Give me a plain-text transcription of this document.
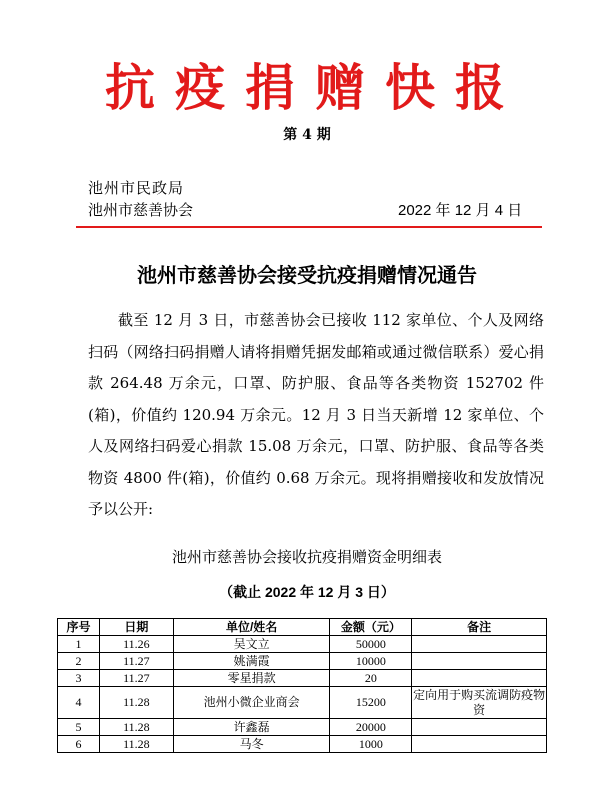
抗疫捐赠快报
第 4 期
池州市民政局
池州市慈善协会	2022 年 12 月 4 日
池州市慈善协会接受抗疫捐赠情况通告

截至 12 月 3 日，市慈善协会已接收 112 家单位、个人及网络扫码（网络扫码捐赠人请将捐赠凭据发邮箱或通过微信联系）爱心捐款 264.48 万余元，口罩、防护服、食品等各类物资 152702 件(箱)，价值约 120.94 万余元。12 月 3 日当天新增 12 家单位、个人及网络扫码爱心捐款 15.08 万余元，口罩、防护服、食品等各类物资 4800 件(箱)，价值约 0.68 万余元。现将捐赠接收和发放情况予以公开:

池州市慈善协会接收抗疫捐赠资金明细表
（截止 2022 年 12 月 3 日）
序号	日期	单位/姓名	金额（元）	备注
1	11.26	吴文立	50000	
2	11.27	姚满霞	10000	
3	11.27	零星捐款	20	
4	11.28	池州小微企业商会	15200	定向用于购买流调防疫物资
5	11.28	许鑫磊	20000	
6	11.28	马冬	1000	
